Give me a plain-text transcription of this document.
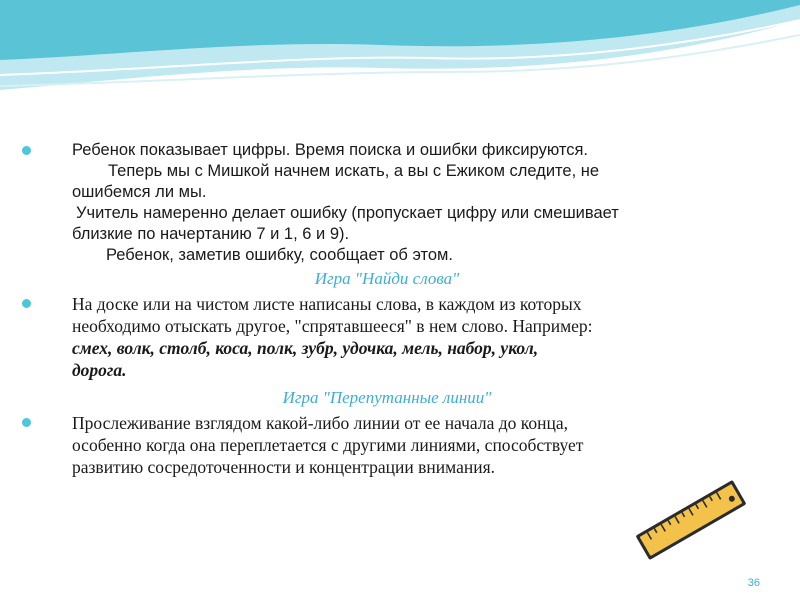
Ребенок показывает цифры. Время поиска и ошибки фиксируются.
Теперь мы с Мишкой начнем искать, а вы с Ежиком следите, не
ошибемся ли мы.
Учитель намеренно делает ошибку (пропускает цифру или смешивает
близкие по начертанию 7 и 1, 6 и 9).
Ребенок, заметив ошибку, сообщает об этом.

Игра "Найди слова"

На доске или на чистом листе написаны слова, в каждом из которых
необходимо отыскать другое, "спрятавшееся" в нем слово. Например:
смех, волк, столб, коса, полк, зубр, удочка, мель, набор, укол,
дорога.

Игра "Перепутанные линии"

Прослеживание взглядом какой-либо линии от ее начала до конца,
особенно когда она переплетается с другими линиями, способствует
развитию сосредоточенности и концентрации внимания.

36
